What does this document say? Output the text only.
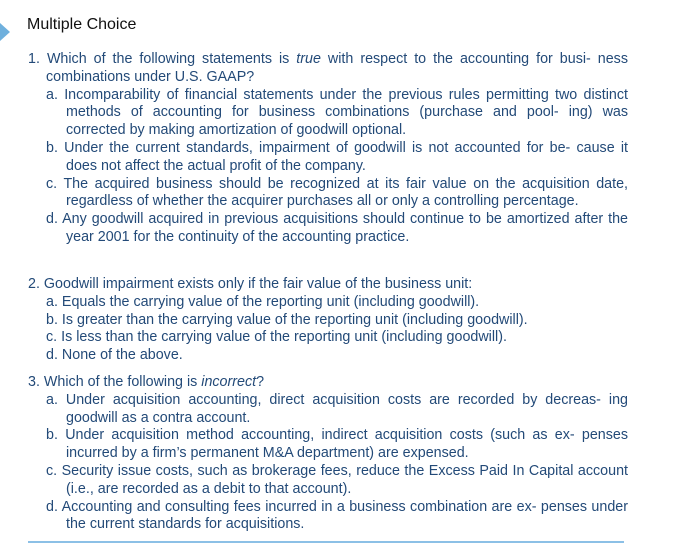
Multiple Choice
1. Which of the following statements is true with respect to the accounting for busi- ness combinations under U.S. GAAP?
a. Incomparability of financial statements under the previous rules permitting two distinct methods of accounting for business combinations (purchase and pool- ing) was corrected by making amortization of goodwill optional.
b. Under the current standards, impairment of goodwill is not accounted for be- cause it does not affect the actual profit of the company.
c. The acquired business should be recognized at its fair value on the acquisition date, regardless of whether the acquirer purchases all or only a controlling percentage.
d. Any goodwill acquired in previous acquisitions should continue to be amortized after the year 2001 for the continuity of the accounting practice.
2. Goodwill impairment exists only if the fair value of the business unit:
a. Equals the carrying value of the reporting unit (including goodwill).
b. Is greater than the carrying value of the reporting unit (including goodwill).
c. Is less than the carrying value of the reporting unit (including goodwill).
d. None of the above.
3. Which of the following is incorrect?
a. Under acquisition accounting, direct acquisition costs are recorded by decreas- ing goodwill as a contra account.
b. Under acquisition method accounting, indirect acquisition costs (such as ex- penses incurred by a firm’s permanent M&A department) are expensed.
c. Security issue costs, such as brokerage fees, reduce the Excess Paid In Capital account (i.e., are recorded as a debit to that account).
d. Accounting and consulting fees incurred in a business combination are ex- penses under the current standards for acquisitions.
